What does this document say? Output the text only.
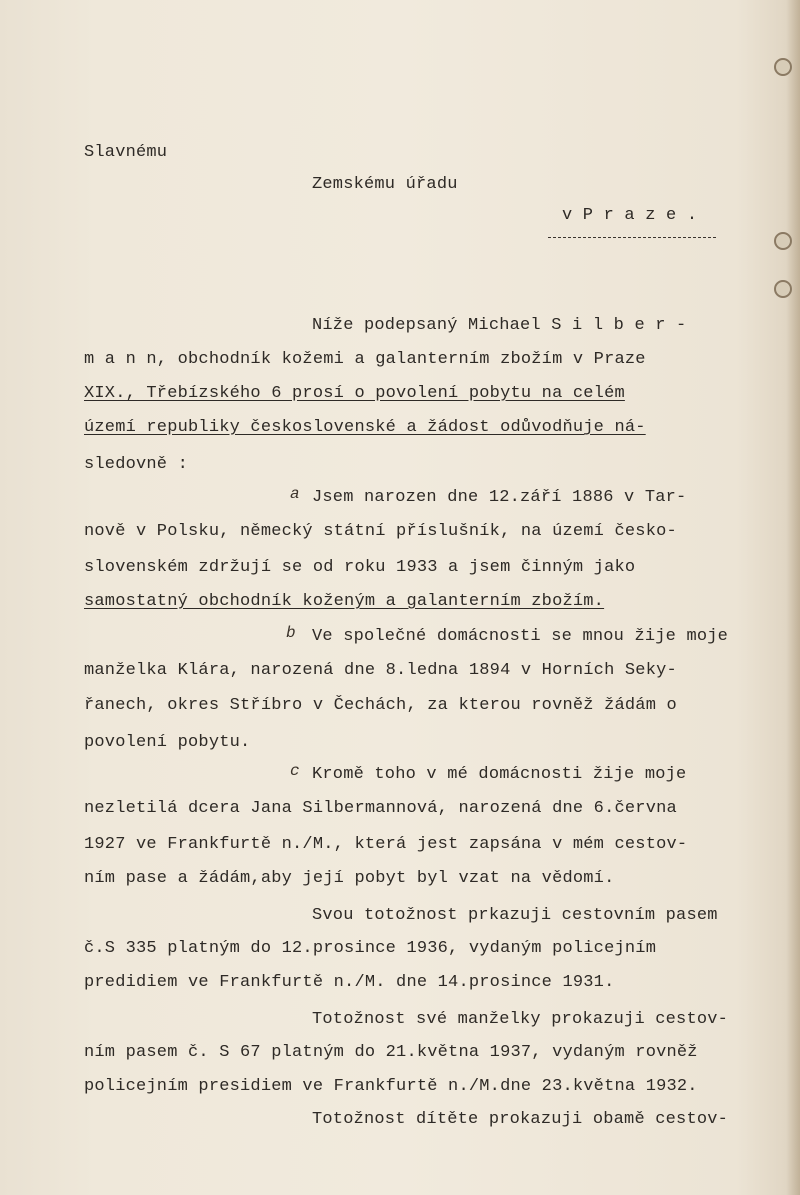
Slavnému
Zemskému úřadu
v P r a z e .
Níže podepsaný Michael S i l b e r -
m a n n, obchodník kožemi a galanterním zbožím v Praze
XIX., Třebízského 6 prosí o povolení pobytu na celém
území republiky československé a žádost odůvodňuje ná-
sledovně :
a Jsem narozen dne 12.září 1886 v Tar-
nově v Polsku, německý státní příslušník, na území česko-
slovenském zdržují se od roku 1933 a jsem činným jako
samostatný obchodník koženým a galanterním zbožím.
b Ve společné domácnosti se mnou žije moje
manželka Klára, narozená dne 8.ledna 1894 v Horních Seky-
řanech, okres Stříbro v Čechách, za kterou rovněž žádám o
povolení pobytu.
c Kromě toho v mé domácnosti žije moje
nezletilá dcera Jana Silbermannová, narozená dne 6.června
1927 ve Frankfurtě n./M., která jest zapsána v mém cestov-
ním pase a žádám,aby její pobyt byl vzat na vědomí.
Svou totožnost prkazuji cestovním pasem
č.S 335 platným do 12.prosince 1936, vydaným policejním
predidiem ve Frankfurtě n./M. dne 14.prosince 1931.
Totožnost své manželky prokazuji cestov-
ním pasem č. S 67 platným do 21.května 1937, vydaným rovněž
policejním presidiem ve Frankfurtě n./M.dne 23.května 1932.
Totožnost dítěte prokazuji obamě cestov-
